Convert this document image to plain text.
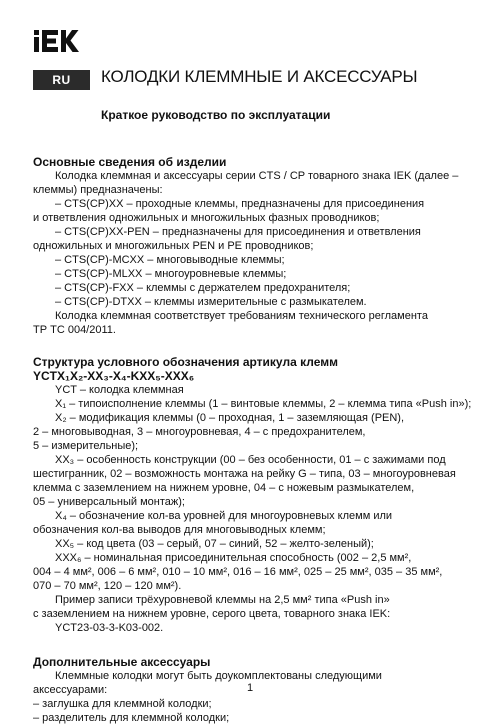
RU	КОЛОДКИ КЛЕММНЫЕ И АКСЕССУАРЫ
Краткое руководство по эксплуатации
Основные сведения об изделии
Колодка клеммная и аксессуары серии CTS / CP товарного знака IEK (далее –
клеммы) предназначены:
– CTS(CP)XX – проходные клеммы, предназначены для присоединения
и ответвления одножильных и многожильных фазных проводников;
– CTS(CP)XX-PEN – предназначены для присоединения и ответвления
одножильных и многожильных PEN и PE проводников;
– CTS(CP)-MCXX – многовыводные клеммы;
– CTS(CP)-MLXX – многоуровневые клеммы;
– CTS(CP)-FXX – клеммы с держателем предохранителя;
– CTS(CP)-DTXX – клеммы измерительные с размыкателем.
Колодка клеммная соответствует требованиям технического регламента
ТР ТС 004/2011.
Структура условного обозначения артикула клемм
YCTX₁X₂-XX₃-X₄-KXX₅-XXX₆
YCT – колодка клеммная
X₁ – типоисполнение клеммы (1 – винтовые клеммы, 2 – клемма типа «Push in»);
X₂ – модификация клеммы (0 – проходная, 1 – заземляющая (PEN),
2 – многовыводная, 3 – многоуровневая, 4 – с предохранителем,
5 – измерительные);
XX₃ – особенность конструкции (00 – без особенности, 01 – с зажимами под
шестигранник, 02 – возможность монтажа на рейку G – типа, 03 – многоуровневая
клемма с заземлением на нижнем уровне, 04 – с ножевым размыкателем,
05 – универсальный монтаж);
X₄ – обозначение кол-ва уровней для многоуровневых клемм или
обозначения кол-ва выводов для многовыводных клемм;
XX₅ – код цвета (03 – серый, 07 – синий, 52 – желто-зеленый);
XXX₆ – номинальная присоединительная способность (002 – 2,5 мм²,
004 – 4 мм², 006 – 6 мм², 010 – 10 мм², 016 – 16 мм², 025 – 25 мм², 035 – 35 мм²,
070 – 70 мм², 120 – 120 мм²).
Пример записи трёхуровневой клеммы на 2,5 мм² типа «Push in»
с заземлением на нижнем уровне, серого цвета, товарного знака IEK:
YCT23-03-3-K03-002.
Дополнительные аксессуары
Клеммные колодки могут быть доукомплектованы следующими
аксессуарами:
– заглушка для клеммной колодки;
– разделитель для клеммной колодки;
1
